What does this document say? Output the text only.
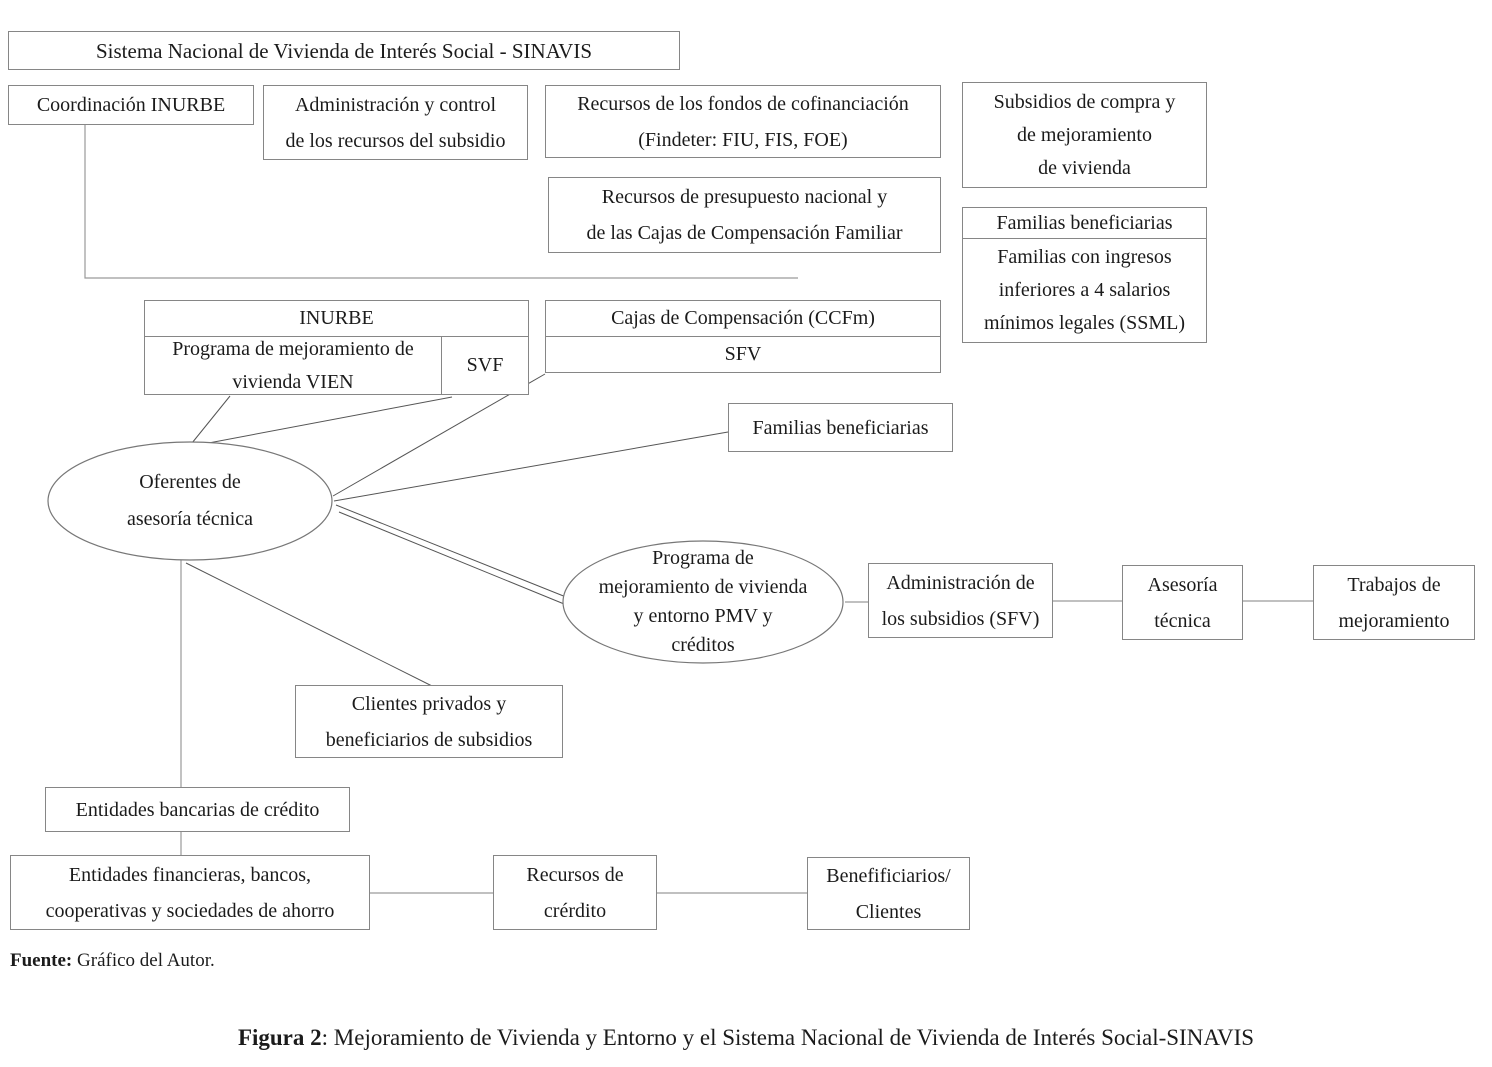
Sistema Nacional de Vivienda de Interés Social - SINAVIS
Coordinación INURBE	Administración y control
de los recursos del subsidio
Recursos de los fondos de cofinanciación
(Findeter: FIU, FIS, FOE)
Subsidios de compra y
de mejoramiento
de vivienda
Recursos de presupuesto nacional y
de las Cajas de Compensación Familiar	Familias beneficiarias
Familias con ingresos
inferiores a 4 salarios
mínimos legales (SSML)
INURBE
Programa de mejoramiento de
vivienda VIEN
SVF
Cajas de Compensación (CCFm)
SFV
Familias beneficiarias
Oferentes de
asesoría técnica
Programa de
mejoramiento de vivienda
y entorno PMV y
créditos
Administración de
los subsidios (SFV)
Asesoría
técnica
Trabajos de
mejoramiento
Clientes privados y
beneficiarios de subsidios
Entidades bancarias de crédito
Entidades financieras, bancos,
cooperativas y sociedades de ahorro
Recursos de
crérdito
Benefificiarios/
Clientes
Fuente: Gráfico del Autor.
Figura 2: Mejoramiento de Vivienda y Entorno y el Sistema Nacional de Vivienda de Interés Social-SINAVIS
